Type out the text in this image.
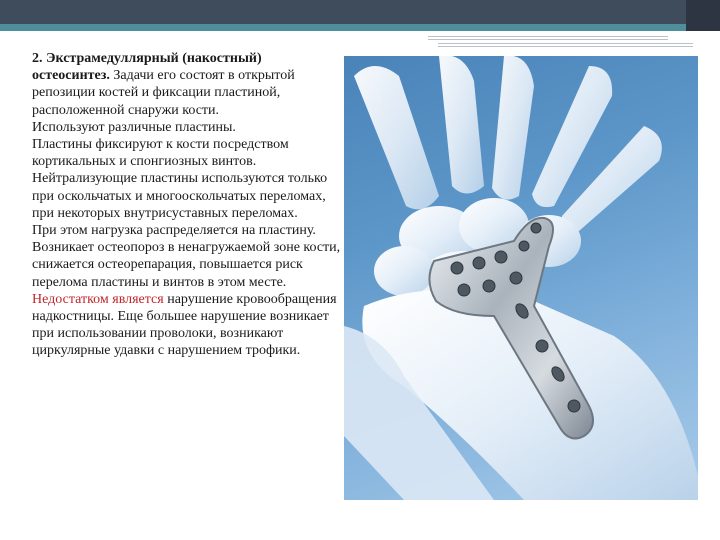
2. Экстрамедуллярный (накостный) остеосинтез. Задачи его состоят в открытой репозиции костей и фиксации пластиной, расположенной снаружи кости.

Используют различные пластины.

Пластины фиксируют к кости посредством кортикальных и спонгиозных винтов.

Нейтрализующие пластины используются только при оскольчатых и многооскольчатых переломах, при некоторых внутрисуставных переломах.

При этом нагрузка распределяется на пластину. Возникает остеопороз в ненагружаемой зоне кости, снижается остеорепарация, повышается риск перелома пластины и винтов в этом месте.

Недостатком является нарушение кровообращения надкостницы. Еще большее нарушение возникает при использовании проволоки, возникают циркулярные удавки с нарушением трофики.
